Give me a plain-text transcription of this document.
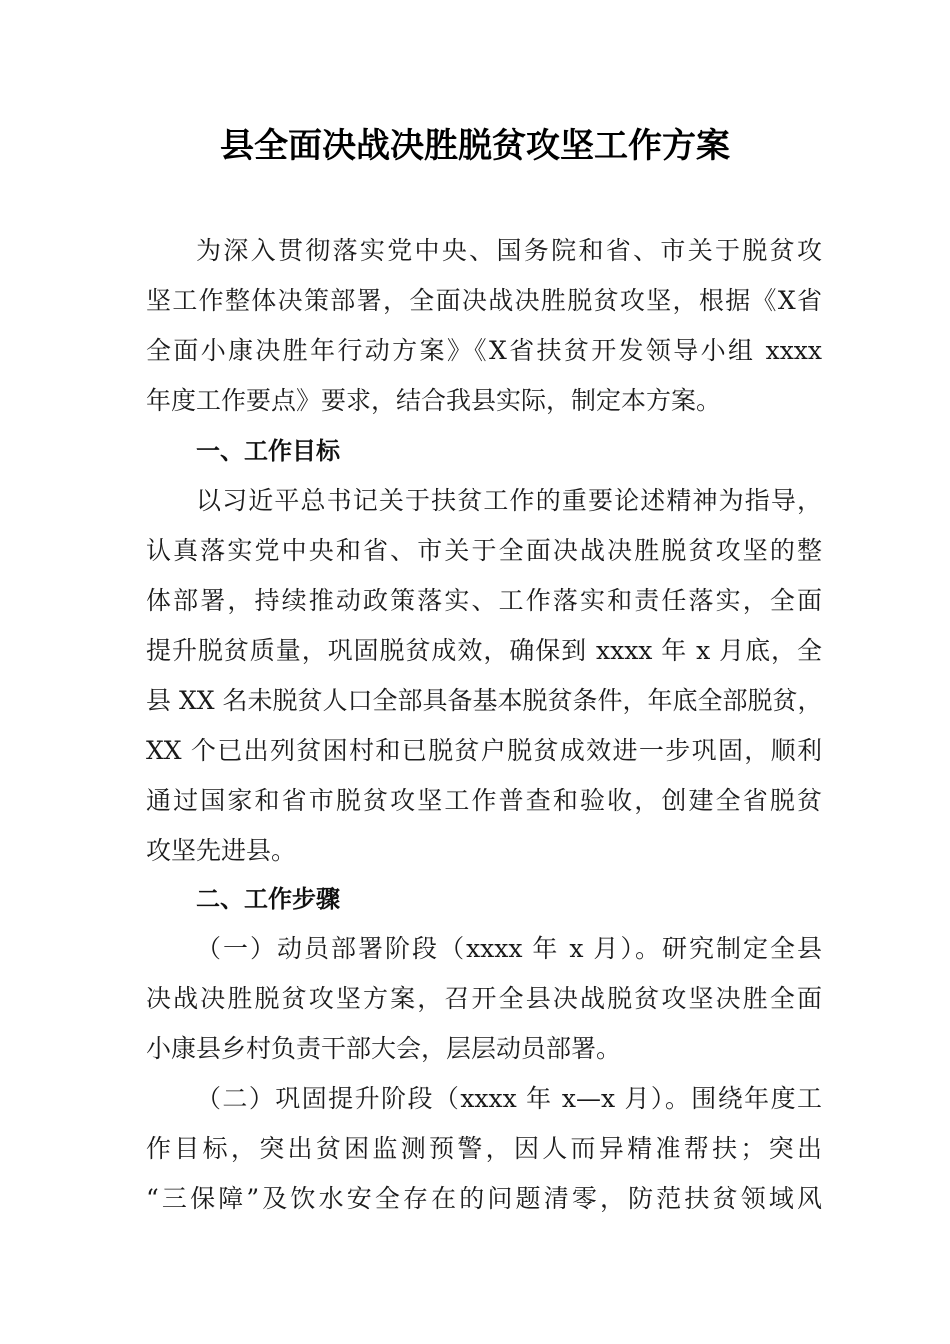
县全面决战决胜脱贫攻坚工作方案
为深入贯彻落实党中央、国务院和省、市关于脱贫攻
坚工作整体决策部署，全面决战决胜脱贫攻坚，根据《X省
全面小康决胜年行动方案》《X省扶贫开发领导小组 xxxx
年度工作要点》要求，结合我县实际，制定本方案。
一、工作目标
以习近平总书记关于扶贫工作的重要论述精神为指导，
认真落实党中央和省、市关于全面决战决胜脱贫攻坚的整
体部署，持续推动政策落实、工作落实和责任落实，全面
提升脱贫质量，巩固脱贫成效，确保到 xxxx 年 x 月底，全
县 XX 名未脱贫人口全部具备基本脱贫条件，年底全部脱贫，
XX 个已出列贫困村和已脱贫户脱贫成效进一步巩固，顺利
通过国家和省市脱贫攻坚工作普查和验收，创建全省脱贫
攻坚先进县。
二、工作步骤
（一）动员部署阶段（xxxx 年 x 月）。研究制定全县
决战决胜脱贫攻坚方案，召开全县决战脱贫攻坚决胜全面
小康县乡村负责干部大会，层层动员部署。
（二）巩固提升阶段（xxxx 年 x—x 月）。围绕年度工
作目标，突出贫困监测预警，因人而异精准帮扶；突出
“三保障”及饮水安全存在的问题清零，防范扶贫领域风
